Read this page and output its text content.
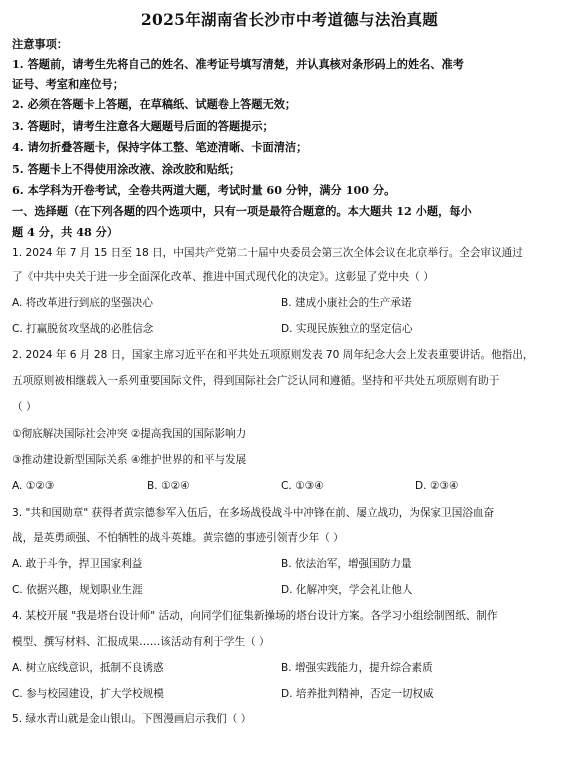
2025年湖南省长沙市中考道德与法治真题
注意事项：
1. 答题前，请考生先将自己的姓名、准考证号填写清楚，并认真核对条形码上的姓名、准考
证号、考室和座位号；
2. 必须在答题卡上答题，在草稿纸、试题卷上答题无效；
3. 答题时，请考生注意各大题题号后面的答题提示；
4. 请勿折叠答题卡，保持字体工整、笔迹清晰、卡面清洁；
5. 答题卡上不得使用涂改液、涂改胶和贴纸；
6. 本学科为开卷考试，全卷共两道大题，考试时量 60 分钟，满分 100 分。
一、选择题（在下列各题的四个选项中，只有一项是最符合题意的。本大题共 12 小题，每小
题 4 分，共 48 分）
1. 2024 年 7 月 15 日至 18 日，中国共产党第二十届中央委员会第三次全体会议在北京举行。全会审议通过
了《中共中央关于进一步全面深化改革、推进中国式现代化的决定》。这彰显了党中央（ ）
A. 将改革进行到底的坚强决心	B. 建成小康社会的生产承诺
C. 打赢脱贫攻坚战的必胜信念	D. 实现民族独立的坚定信心
2. 2024 年 6 月 28 日，国家主席习近平在和平共处五项原则发表 70 周年纪念大会上发表重要讲话。他指出，
五项原则被相继载入一系列重要国际文件，得到国际社会广泛认同和遵循。坚持和平共处五项原则有助于
（ ）
①彻底解决国际社会冲突 ②提高我国的国际影响力
③推动建设新型国际关系 ④维护世界的和平与发展
A. ①②③	B. ①②④	C. ①③④	D. ②③④
3. "共和国勋章" 获得者黄宗德参军入伍后，在多场战役战斗中冲锋在前、屡立战功，为保家卫国浴血奋
战，是英勇顽强、不怕牺牲的战斗英雄。黄宗德的事迹引领青少年（ ）
A. 敢于斗争，捍卫国家利益	B. 依法治军，增强国防力量
C. 依据兴趣，规划职业生涯	D. 化解冲突，学会礼让他人
4. 某校开展 "我是塔台设计师" 活动，向同学们征集新操场的塔台设计方案。各学习小组绘制图纸、制作
模型、撰写材料、汇报成果……该活动有利于学生（ ）
A. 树立底线意识，抵制不良诱惑	B. 增强实践能力，提升综合素质
C. 参与校园建设，扩大学校规模	D. 培养批判精神，否定一切权威
5. 绿水青山就是金山银山。下图漫画启示我们（ ）
